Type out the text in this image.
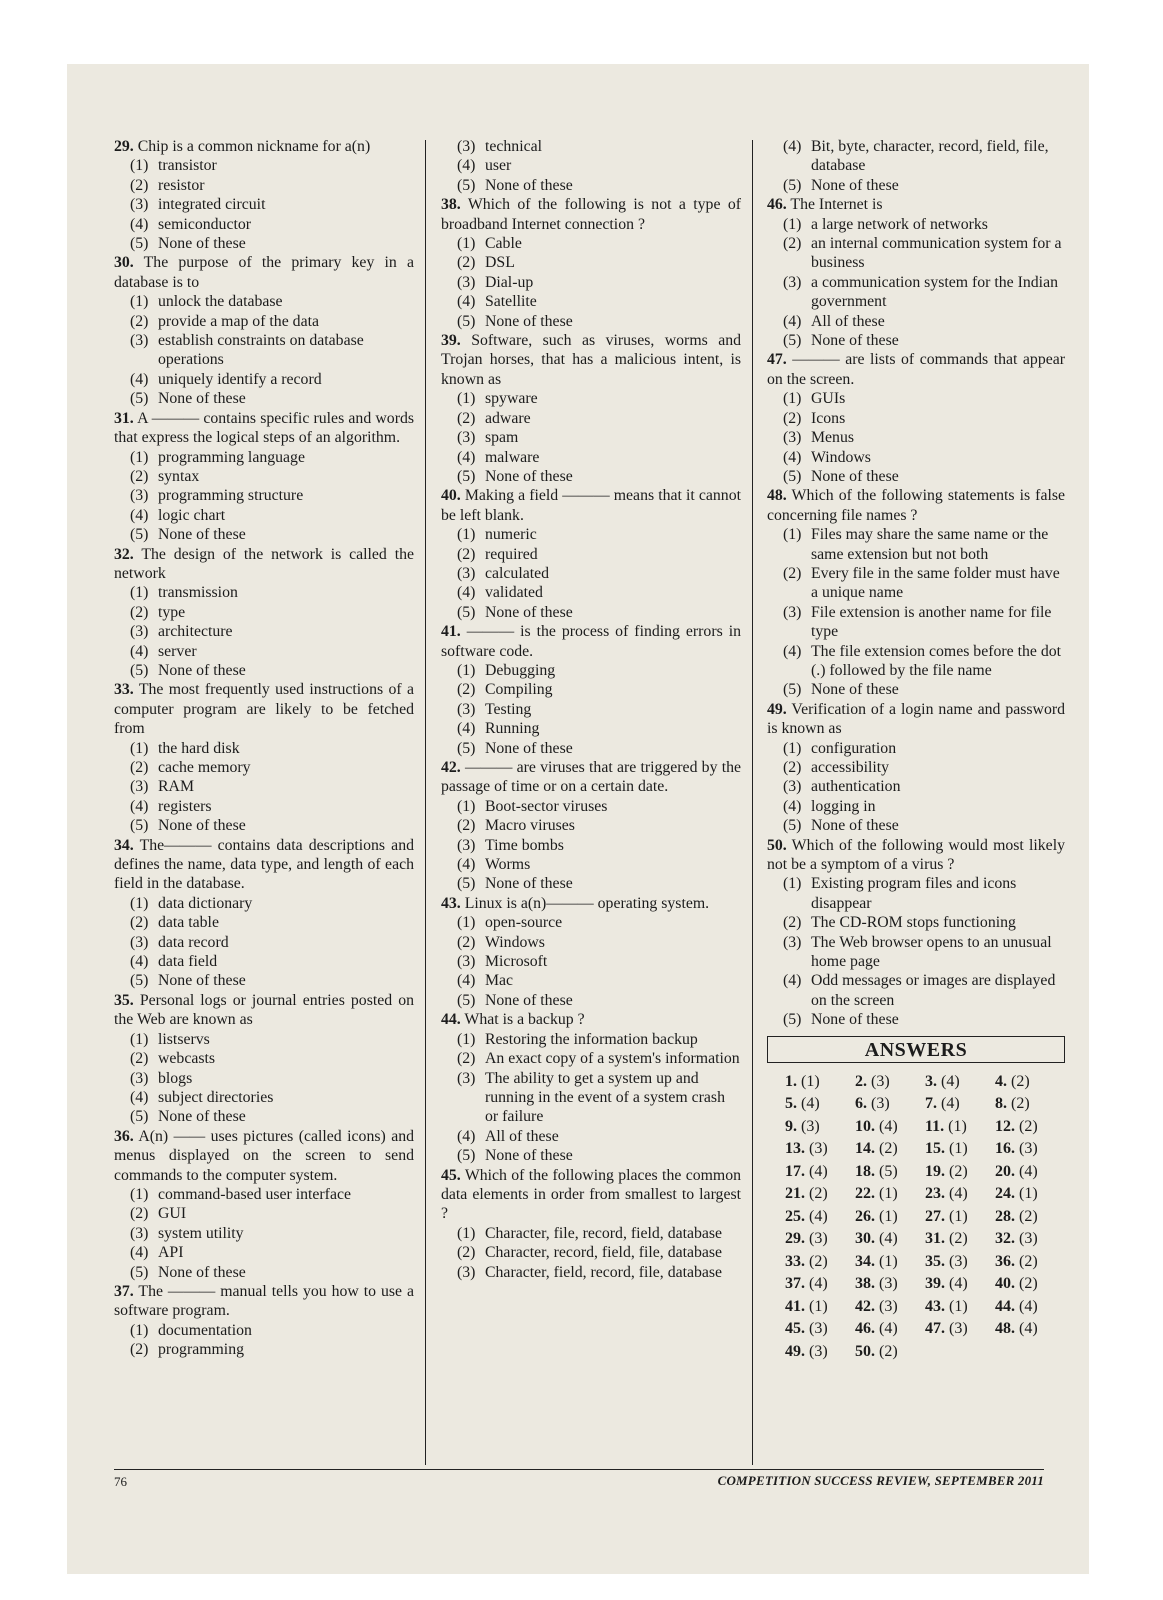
29. Chip is a common nickname for a(n)
(1) transistor
(2) resistor
(3) integrated circuit
(4) semiconductor
(5) None of these
30. The purpose of the primary key in a database is to
(1) unlock the database
(2) provide a map of the data
(3) establish constraints on database operations
(4) uniquely identify a record
(5) None of these
31. A ——— contains specific rules and words that express the logical steps of an algorithm.
(1) programming language
(2) syntax
(3) programming structure
(4) logic chart
(5) None of these
32. The design of the network is called the network
(1) transmission
(2) type
(3) architecture
(4) server
(5) None of these
33. The most frequently used instructions of a computer program are likely to be fetched from
(1) the hard disk
(2) cache memory
(3) RAM
(4) registers
(5) None of these
34. The——— contains data descriptions and defines the name, data type, and length of each field in the database.
(1) data dictionary
(2) data table
(3) data record
(4) data field
(5) None of these
35. Personal logs or journal entries posted on the Web are known as
(1) listservs
(2) webcasts
(3) blogs
(4) subject directories
(5) None of these
36. A(n) —— uses pictures (called icons) and menus displayed on the screen to send commands to the computer system.
(1) command-based user interface
(2) GUI
(3) system utility
(4) API
(5) None of these
37. The ——— manual tells you how to use a software program.
(1) documentation
(2) programming
(3) technical
(4) user
(5) None of these
38. Which of the following is not a type of broadband Internet connection ?
(1) Cable
(2) DSL
(3) Dial-up
(4) Satellite
(5) None of these
39. Software, such as viruses, worms and Trojan horses, that has a malicious intent, is known as
(1) spyware
(2) adware
(3) spam
(4) malware
(5) None of these
40. Making a field ——— means that it cannot be left blank.
(1) numeric
(2) required
(3) calculated
(4) validated
(5) None of these
41. ——— is the process of finding errors in software code.
(1) Debugging
(2) Compiling
(3) Testing
(4) Running
(5) None of these
42. ——— are viruses that are triggered by the passage of time or on a certain date.
(1) Boot-sector viruses
(2) Macro viruses
(3) Time bombs
(4) Worms
(5) None of these
43. Linux is a(n)——— operating system.
(1) open-source
(2) Windows
(3) Microsoft
(4) Mac
(5) None of these
44. What is a backup ?
(1) Restoring the information backup
(2) An exact copy of a system's information
(3) The ability to get a system up and running in the event of a system crash or failure
(4) All of these
(5) None of these
45. Which of the following places the common data elements in order from smallest to largest ?
(1) Character, file, record, field, database
(2) Character, record, field, file, database
(3) Character, field, record, file, database
(4) Bit, byte, character, record, field, file, database
(5) None of these
46. The Internet is
(1) a large network of networks
(2) an internal communication system for a business
(3) a communication system for the Indian government
(4) All of these
(5) None of these
47. ——— are lists of commands that appear on the screen.
(1) GUIs
(2) Icons
(3) Menus
(4) Windows
(5) None of these
48. Which of the following statements is false concerning file names ?
(1) Files may share the same name or the same extension but not both
(2) Every file in the same folder must have a unique name
(3) File extension is another name for file type
(4) The file extension comes before the dot (.) followed by the file name
(5) None of these
49. Verification of a login name and password is known as
(1) configuration
(2) accessibility
(3) authentication
(4) logging in
(5) None of these
50. Which of the following would most likely not be a symptom of a virus ?
(1) Existing program files and icons disappear
(2) The CD-ROM stops functioning
(3) The Web browser opens to an unusual home page
(4) Odd messages or images are displayed on the screen
(5) None of these
ANSWERS
1. (1)	2. (3)	3. (4)	4. (2)
5. (4)	6. (3)	7. (4)	8. (2)
9. (3)	10. (4)	11. (1)	12. (2)
13. (3)	14. (2)	15. (1)	16. (3)
17. (4)	18. (5)	19. (2)	20. (4)
21. (2)	22. (1)	23. (4)	24. (1)
25. (4)	26. (1)	27. (1)	28. (2)
29. (3)	30. (4)	31. (2)	32. (3)
33. (2)	34. (1)	35. (3)	36. (2)
37. (4)	38. (3)	39. (4)	40. (2)
41. (1)	42. (3)	43. (1)	44. (4)
45. (3)	46. (4)	47. (3)	48. (4)
49. (3)	50. (2)
76	COMPETITION SUCCESS REVIEW, SEPTEMBER 2011
